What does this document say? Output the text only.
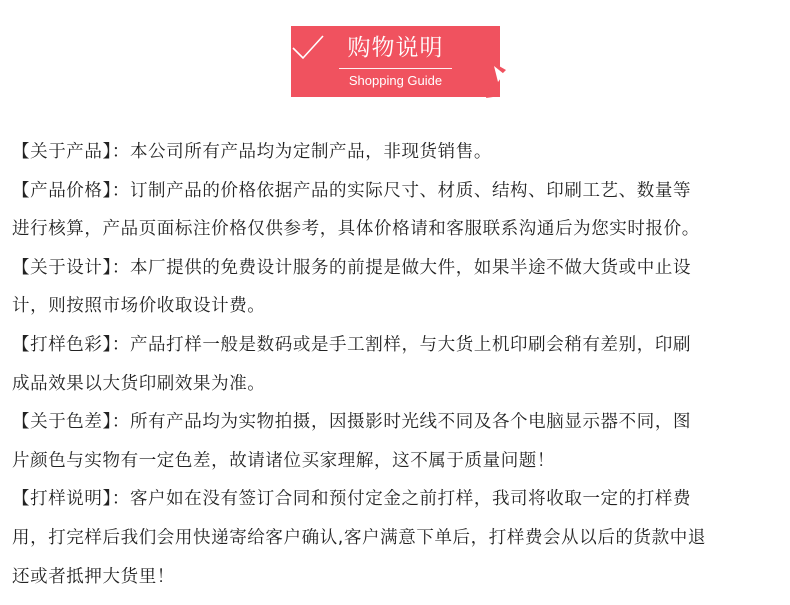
购物说明
Shopping Guide
【关于产品】：本公司所有产品均为定制产品，非现货销售。
【产品价格】：订制产品的价格依据产品的实际尺寸、材质、结构、印刷工艺、数量等
进行核算，产品页面标注价格仅供参考，具体价格请和客服联系沟通后为您实时报价。
【关于设计】：本厂提供的免费设计服务的前提是做大件，如果半途不做大货或中止设
计，则按照市场价收取设计费。
【打样色彩】：产品打样一般是数码或是手工割样，与大货上机印刷会稍有差别，印刷
成品效果以大货印刷效果为准。
【关于色差】：所有产品均为实物拍摄，因摄影时光线不同及各个电脑显示器不同，图
片颜色与实物有一定色差，故请诸位买家理解，这不属于质量问题！
【打样说明】：客户如在没有签订合同和预付定金之前打样，我司将收取一定的打样费
用，打完样后我们会用快递寄给客户确认,客户满意下单后，打样费会从以后的货款中退
还或者抵押大货里！
